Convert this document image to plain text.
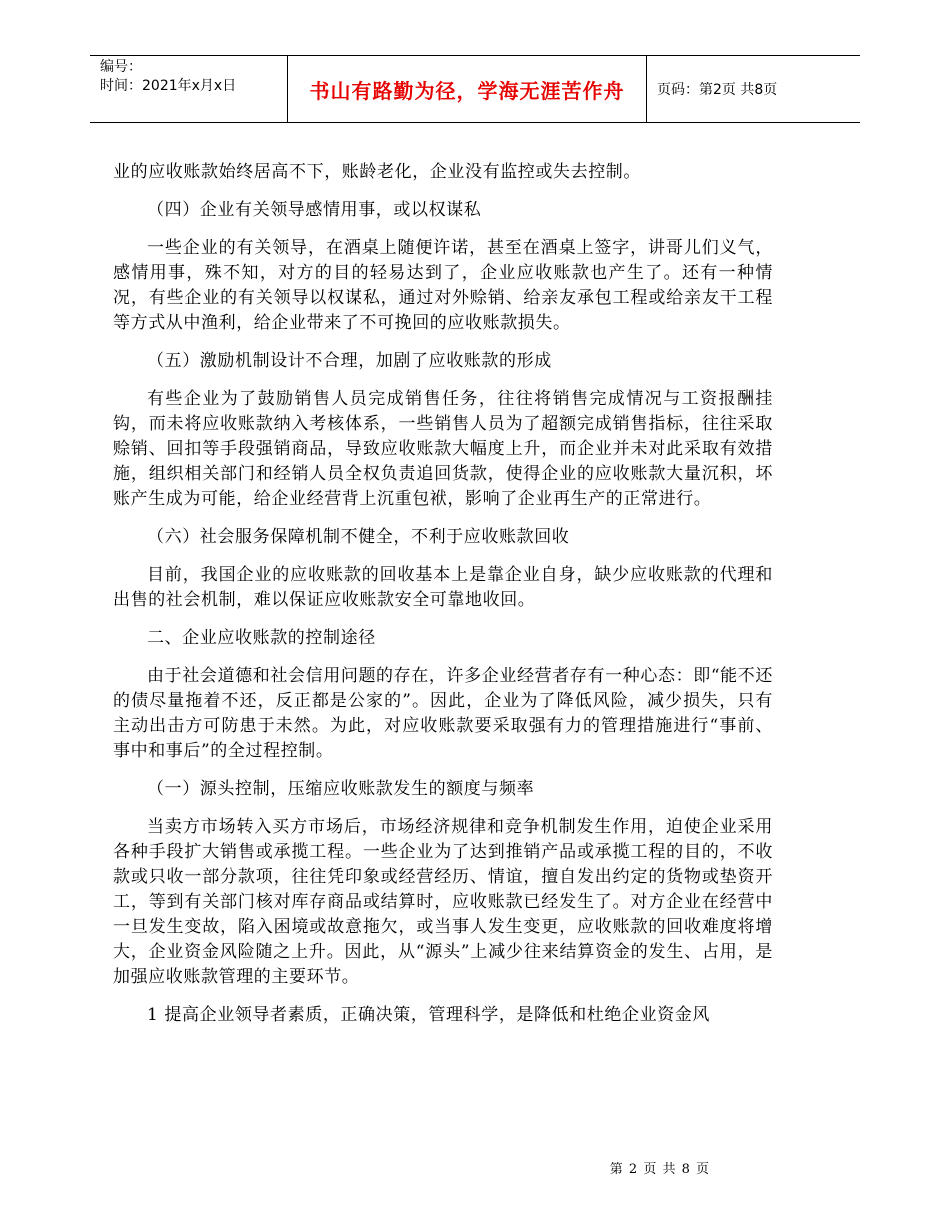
编号：
时间：2021年x月x日	书山有路勤为径，学海无涯苦作舟	页码：第2页 共8页

业的应收账款始终居高不下，账龄老化，企业没有监控或失去控制。

（四）企业有关领导感情用事，或以权谋私

一些企业的有关领导，在酒桌上随便许诺，甚至在酒桌上签字，讲哥儿们义气，感情用事，殊不知，对方的目的轻易达到了，企业应收账款也产生了。还有一种情况，有些企业的有关领导以权谋私，通过对外赊销、给亲友承包工程或给亲友干工程等方式从中渔利，给企业带来了不可挽回的应收账款损失。

（五）激励机制设计不合理，加剧了应收账款的形成

有些企业为了鼓励销售人员完成销售任务，往往将销售完成情况与工资报酬挂钩，而未将应收账款纳入考核体系，一些销售人员为了超额完成销售指标，往往采取赊销、回扣等手段强销商品，导致应收账款大幅度上升，而企业并未对此采取有效措施，组织相关部门和经销人员全权负责追回货款，使得企业的应收账款大量沉积，坏账产生成为可能，给企业经营背上沉重包袱，影响了企业再生产的正常进行。

（六）社会服务保障机制不健全，不利于应收账款回收

目前，我国企业的应收账款的回收基本上是靠企业自身，缺少应收账款的代理和出售的社会机制，难以保证应收账款安全可靠地收回。

二、企业应收账款的控制途径

由于社会道德和社会信用问题的存在，许多企业经营者存有一种心态：即“能不还的债尽量拖着不还，反正都是公家的”。因此，企业为了降低风险，减少损失，只有主动出击方可防患于未然。为此，对应收账款要采取强有力的管理措施进行“事前、事中和事后”的全过程控制。

（一）源头控制，压缩应收账款发生的额度与频率

当卖方市场转入买方市场后，市场经济规律和竞争机制发生作用，迫使企业采用各种手段扩大销售或承揽工程。一些企业为了达到推销产品或承揽工程的目的，不收款或只收一部分款项，往往凭印象或经营经历、情谊，擅自发出约定的货物或垫资开工，等到有关部门核对库存商品或结算时，应收账款已经发生了。对方企业在经营中一旦发生变故，陷入困境或故意拖欠，或当事人发生变更，应收账款的回收难度将增大，企业资金风险随之上升。因此，从“源头”上减少往来结算资金的发生、占用，是加强应收账款管理的主要环节。

1 提高企业领导者素质，正确决策，管理科学，是降低和杜绝企业资金风

第 2 页 共 8 页
